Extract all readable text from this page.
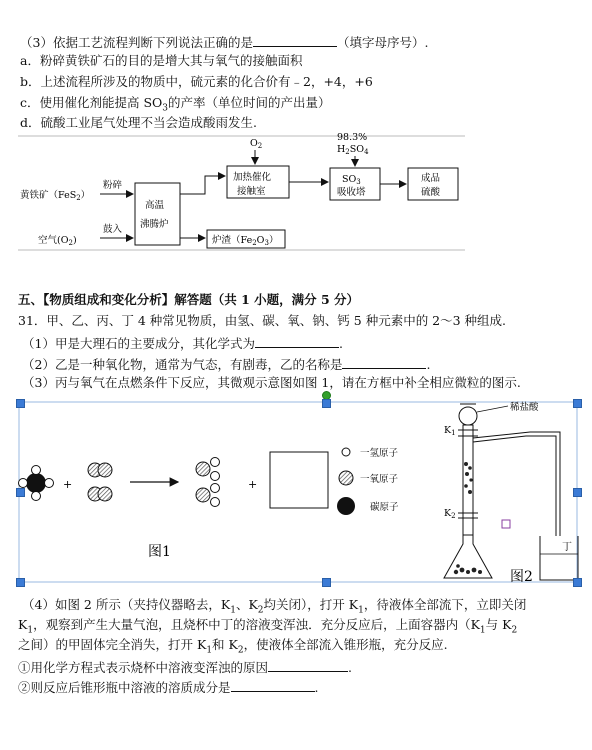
（3）依据工艺流程判断下列说法正确的是	（填字母序号）.
a．粉碎黄铁矿石的目的是增大其与氧气的接触面积
b．上述流程所涉及的物质中，硫元素的化合价有﹣2，+4，+6
c．使用催化剂能提高 $SO_3$的产率（单位时间的产出量）
d．硫酸工业尾气处理不当会造成酸雨发生.
黄铁矿（FeS$_2$）
粉碎
空气$(O_2)$
鼓入
高温
沸腾炉
炉渣$(Fe_2O_3)$
$O_2$
加热催化
接触室
98.3%
$H_2SO_4$
$SO_3$
吸收塔
成品
硫酸
五、【物质组成和变化分析】解答题（共 1 小题，满分 5 分）
31．甲、乙、丙、丁 4 种常见物质，由氢、碳、氧、钠、钙 5 种元素中的 2～3 种组成.
（1）甲是大理石的主要成分，其化学式为	.
（2）乙是一种氧化物，通常为气态，有剧毒，乙的名称是	.
（3）丙与氧气在点燃条件下反应，其微观示意图如图 1，请在方框中补全相应微粒的图示.
+	+
一氢原子
一氧原子
碳原子
图1
稀盐酸
$K_1$
$K_2$
丁
图2
（4）如图 2 所示（夹持仪器略去，$K_1$、$K_2$均关闭），打开 $K_1$，待液体全部流下，立即关闭
$K_1$，观察到产生大量气泡，且烧杯中丁的溶液变浑浊．充分反应后，上面容器内（$K_1$与 $K_2$
之间）的甲固体完全消失，打开 $K_1$和 $K_2$，使液体全部流入锥形瓶，充分反应.
①用化学方程式表示烧杯中溶液变浑浊的原因	.
②则反应后锥形瓶中溶液的溶质成分是	.
